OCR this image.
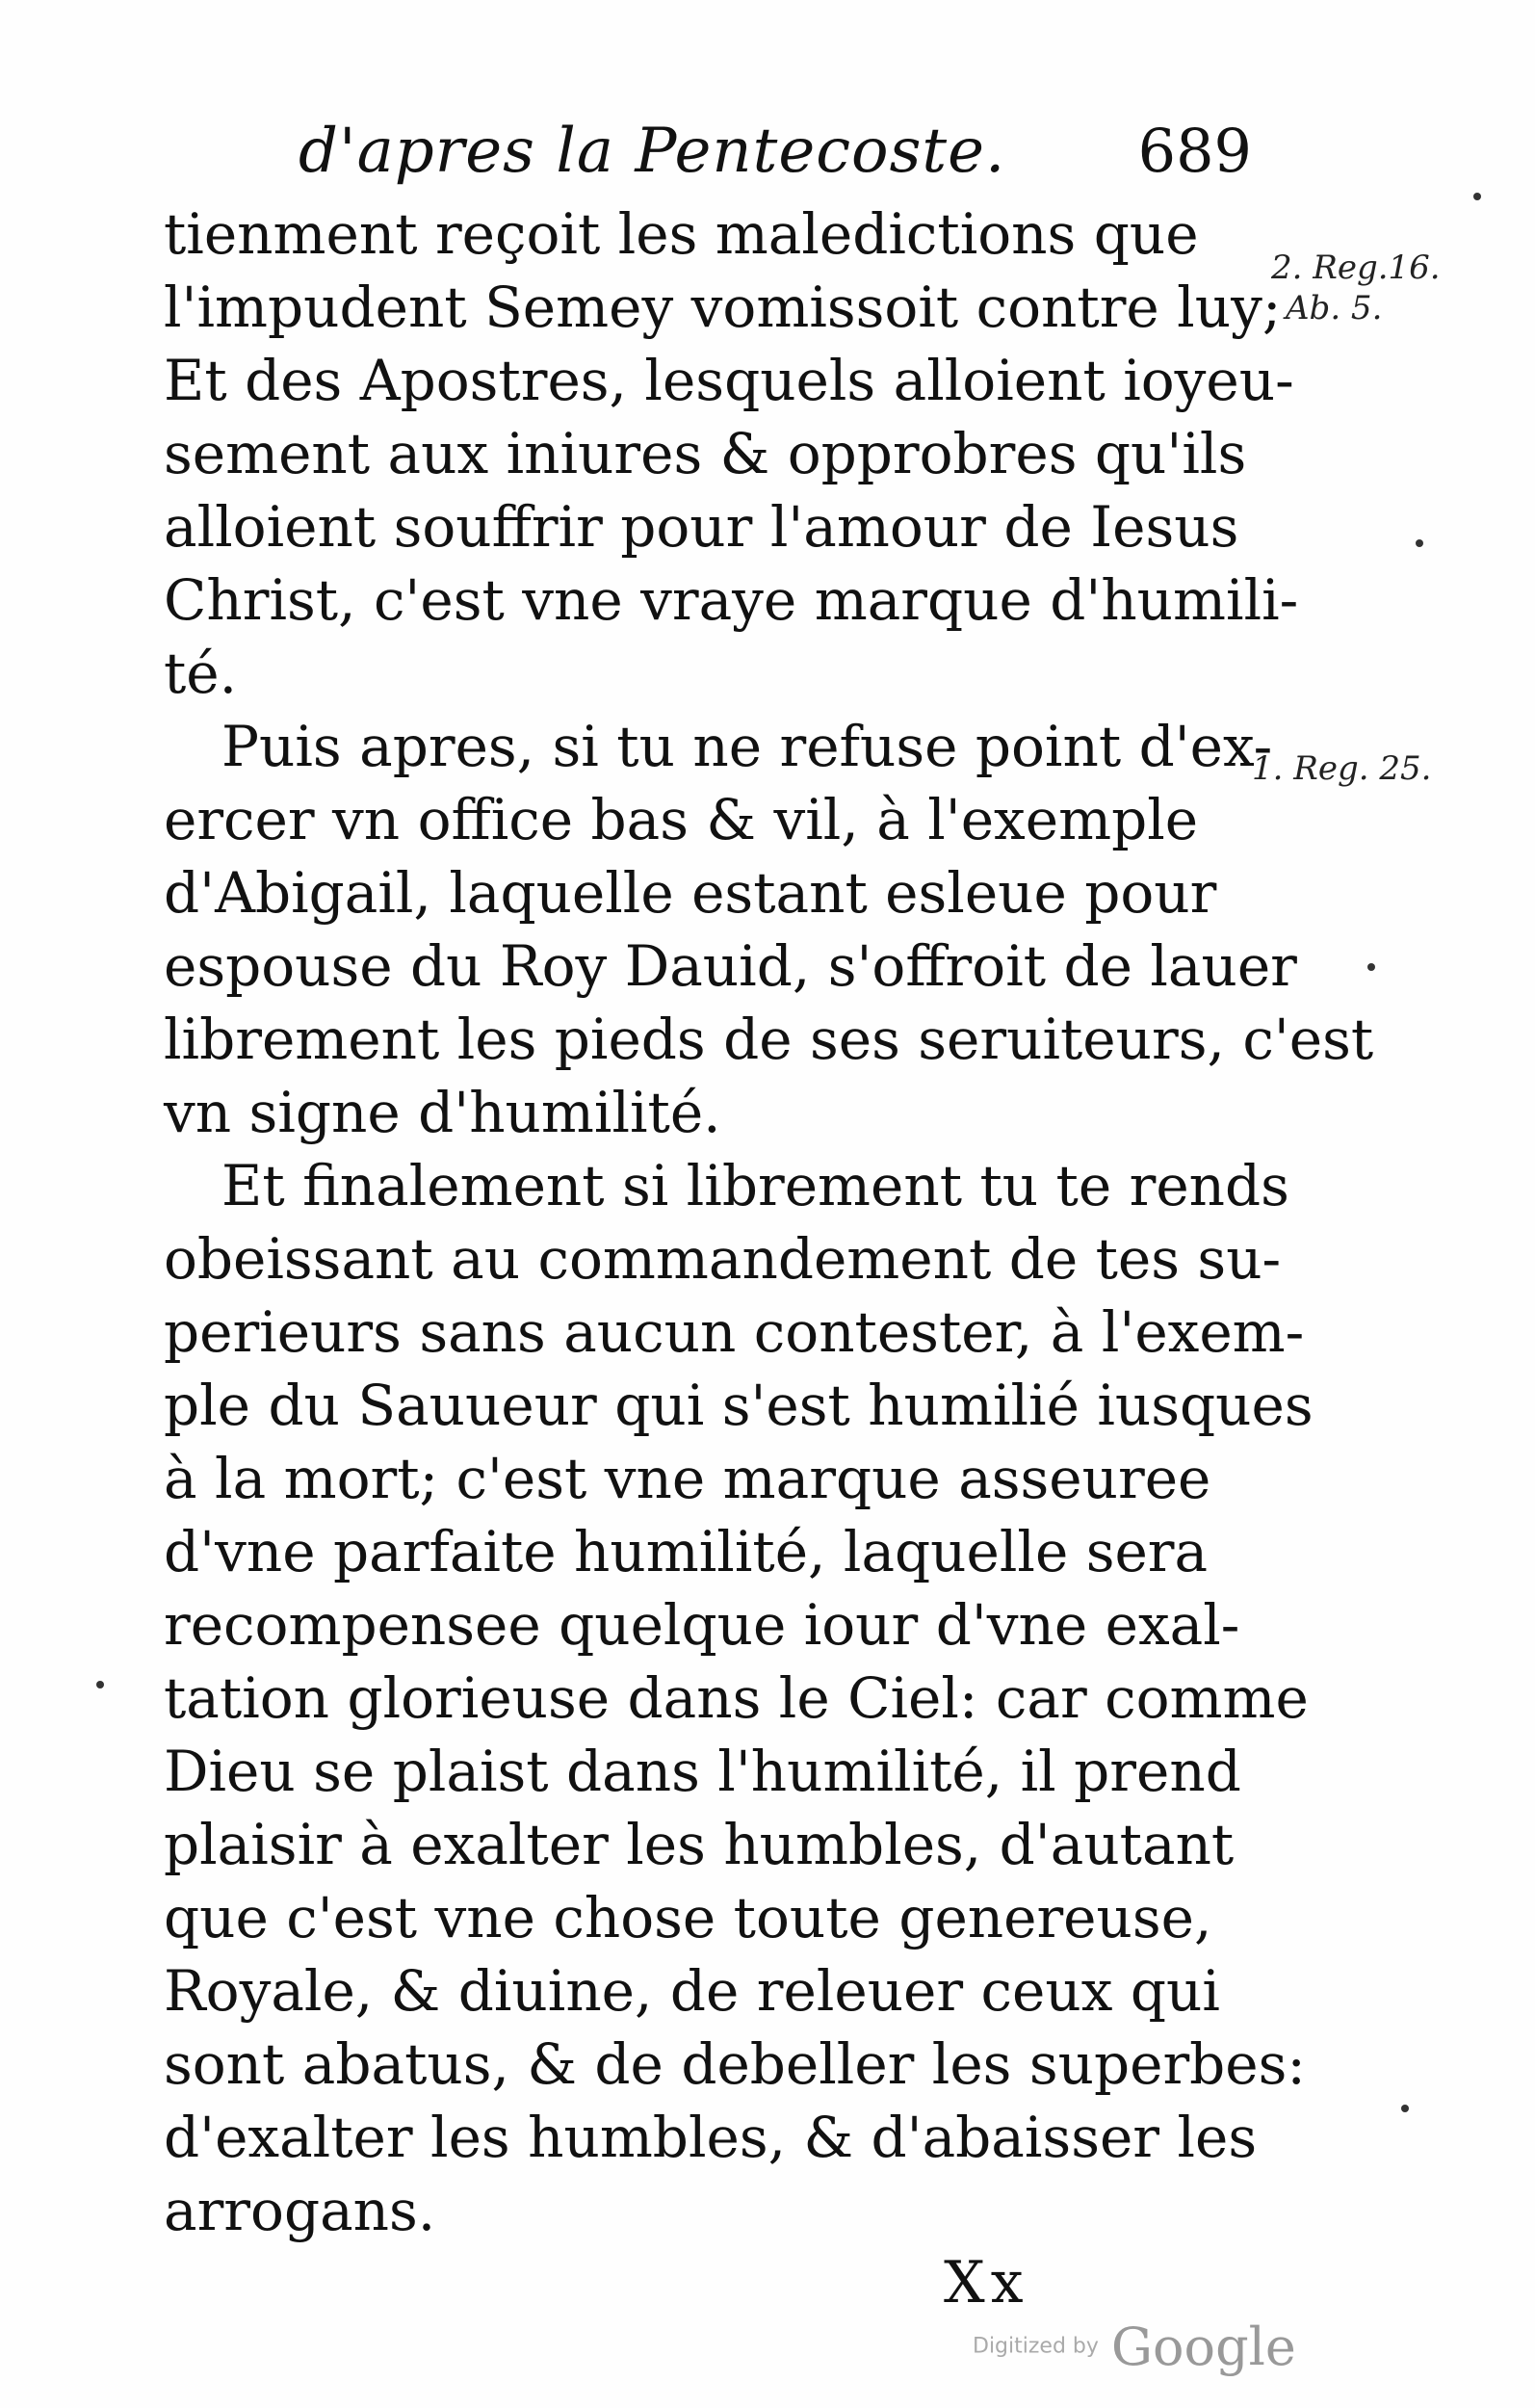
d'apres la Pentecoste. 689
2. Reg.16.
Ab. 5.
1. Reg. 25.
tienment reçoit les maledictions que
l'impudent Semey vomissoit contre luy;
Et des Apostres, lesquels alloient ioyeu-
sement aux iniures & opprobres qu'ils
alloient souffrir pour l'amour de Iesus
Christ, c'est vne vraye marque d'humili-
té.
Puis apres, si tu ne refuse point d'ex-
ercer vn office bas & vil, à l'exemple
d'Abigail, laquelle estant esleue pour
espouse du Roy Dauid, s'offroit de lauer
librement les pieds de ses seruiteurs, c'est
vn signe d'humilité.
Et finalement si librement tu te rends
obeissant au commandement de tes su-
perieurs sans aucun contester, à l'exem-
ple du Sauueur qui s'est humilié iusques
à la mort; c'est vne marque asseuree
d'vne parfaite humilité, laquelle sera
recompensee quelque iour d'vne exal-
tation glorieuse dans le Ciel: car comme
Dieu se plaist dans l'humilité, il prend
plaisir à exalter les humbles, d'autant
que c'est vne chose toute genereuse,
Royale, & diuine, de releuer ceux qui
sont abatus, & de debeller les superbes:
d'exalter les humbles, & d'abaisser les
arrogans.
Xx
Digitized by Google
